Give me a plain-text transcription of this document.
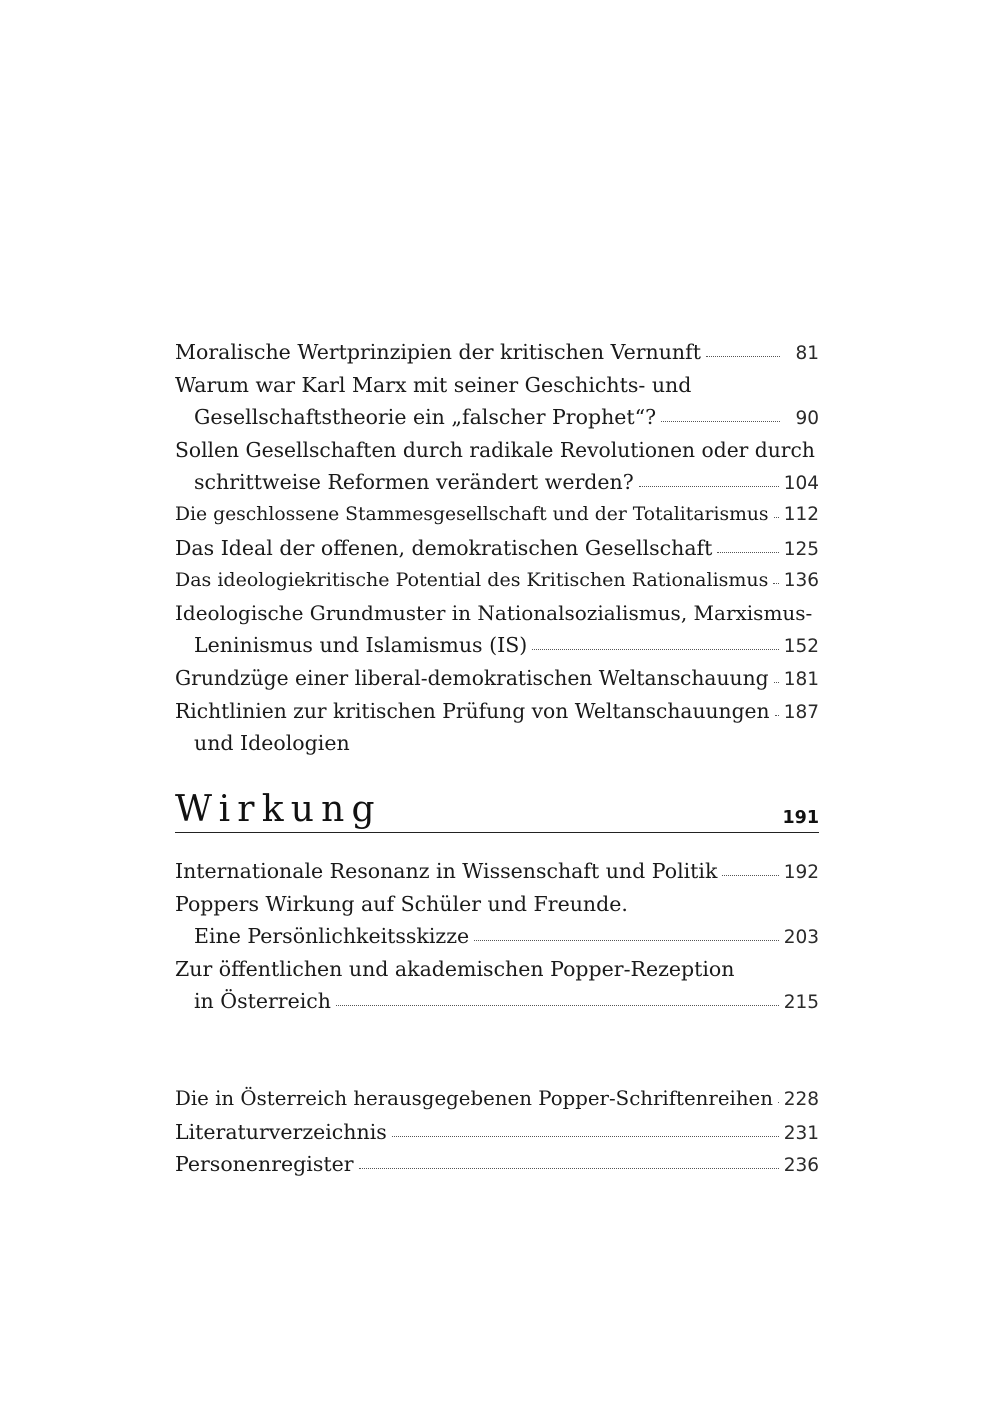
Moralische Wertprinzipien der kritischen Vernunft	81
Warum war Karl Marx mit seiner Geschichts- und
Gesellschaftstheorie ein „falscher Prophet“?	90
Sollen Gesellschaften durch radikale Revolutionen oder durch
schrittweise Reformen verändert werden?	104
Die geschlossene Stammesgesellschaft und der Totalitarismus 112
Das Ideal der offenen, demokratischen Gesellschaft	125
Das ideologiekritische Potential des Kritischen Rationalismus 136
Ideologische Grundmuster in Nationalsozialismus, Marxismus-
Leninismus und Islamismus (IS)	152
Grundzüge einer liberal-demokratischen Weltanschauung 181
Richtlinien zur kritischen Prüfung von Weltanschauungen 187
und Ideologien
Wirkung	191
Internationale Resonanz in Wissenschaft und Politik	192
Poppers Wirkung auf Schüler und Freunde.
Eine Persönlichkeitsskizze	203
Zur öffentlichen und akademischen Popper-Rezeption
in Österreich	215
Die in Österreich herausgegebenen Popper-Schriftenreihen 228
Literaturverzeichnis	231
Personenregister	236
